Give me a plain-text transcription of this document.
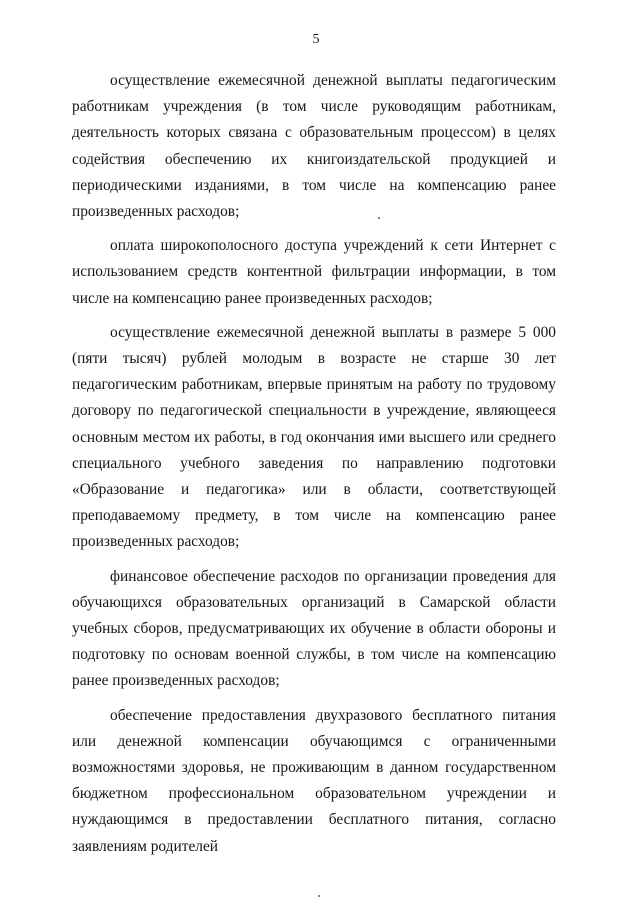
5

осуществление ежемесячной денежной выплаты педагогическим работникам учреждения (в том числе руководящим работникам, деятельность которых связана с образовательным процессом) в целях содействия обеспечению их книгоиздательской продукцией и периодическими изданиями, в том числе на компенсацию ранее произведенных расходов;

оплата широкополосного доступа учреждений к сети Интернет с использованием средств контентной фильтрации информации, в том числе на компенсацию ранее произведенных расходов;

осуществление ежемесячной денежной выплаты в размере 5 000 (пяти тысяч) рублей молодым в возрасте не старше 30 лет педагогическим работникам, впервые принятым на работу по трудовому договору по педагогической специальности в учреждение, являющееся основным местом их работы, в год окончания ими высшего или среднего специального учебного заведения по направлению подготовки «Образование и педагогика» или в области, соответствующей преподаваемому предмету, в том числе на компенсацию ранее произведенных расходов;

финансовое обеспечение расходов по организации проведения для обучающихся образовательных организаций в Самарской области учебных сборов, предусматривающих их обучение в области обороны и подготовку по основам военной службы, в том числе на компенсацию ранее произведенных расходов;

обеспечение предоставления двухразового бесплатного питания или денежной компенсации обучающимся с ограниченными возможностями здоровья, не проживающим в данном государственном бюджетном профессиональном образовательном учреждении и нуждающимся в предоставлении бесплатного питания, согласно заявлениям родителей
